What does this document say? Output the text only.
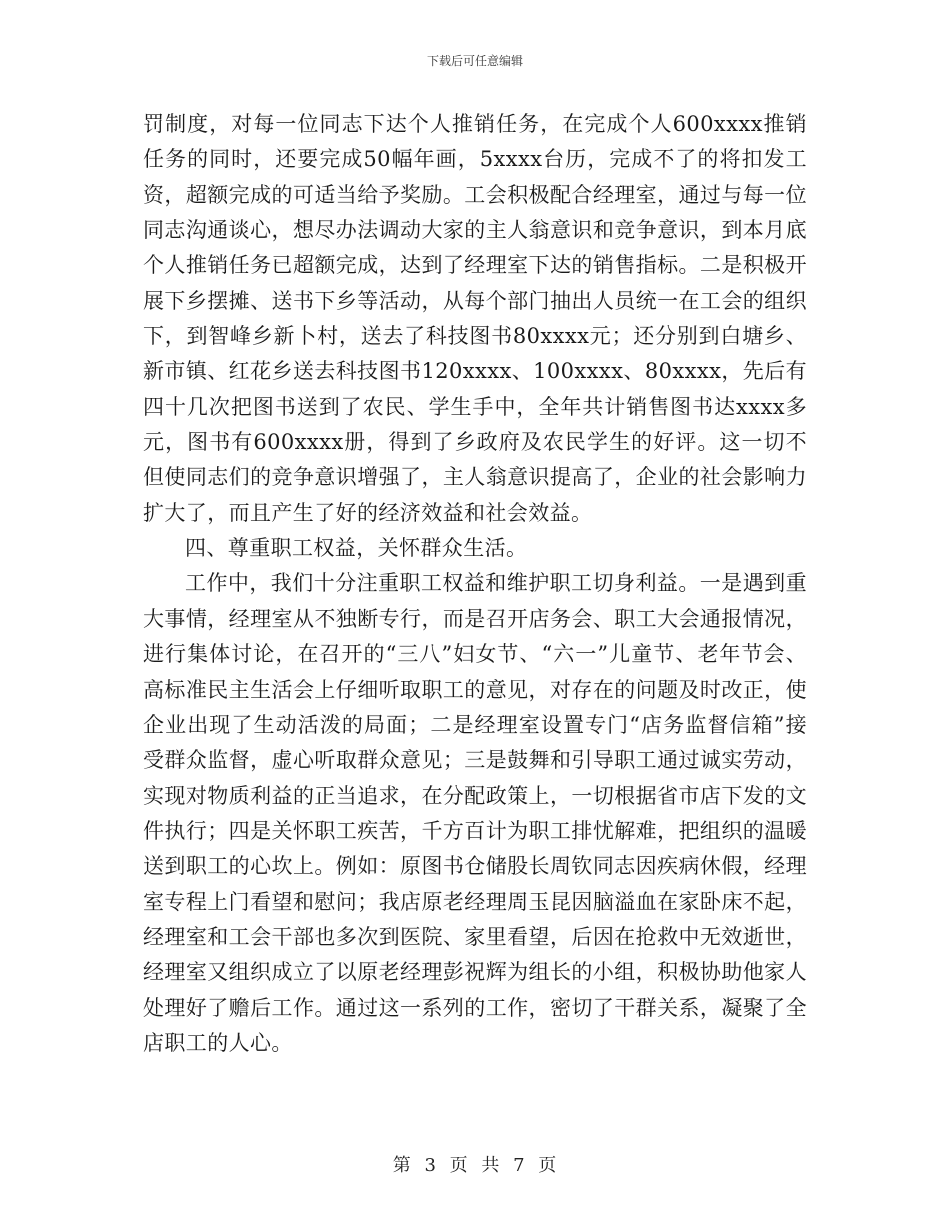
下载后可任意编辑

罚制度，对每一位同志下达个人推销任务，在完成个人600xxxx推销任务的同时，还要完成50幅年画，5xxxx台历，完成不了的将扣发工资，超额完成的可适当给予奖励。工会积极配合经理室，通过与每一位同志沟通谈心，想尽办法调动大家的主人翁意识和竞争意识，到本月底个人推销任务已超额完成，达到了经理室下达的销售指标。二是积极开展下乡摆摊、送书下乡等活动，从每个部门抽出人员统一在工会的组织下，到智峰乡新卜村，送去了科技图书80xxxx元；还分别到白塘乡、新市镇、红花乡送去科技图书120xxxx、100xxxx、80xxxx，先后有四十几次把图书送到了农民、学生手中，全年共计销售图书达xxxx多元，图书有600xxxx册，得到了乡政府及农民学生的好评。这一切不但使同志们的竞争意识增强了，主人翁意识提高了，企业的社会影响力扩大了，而且产生了好的经济效益和社会效益。

四、尊重职工权益，关怀群众生活。

工作中，我们十分注重职工权益和维护职工切身利益。一是遇到重大事情，经理室从不独断专行，而是召开店务会、职工大会通报情况，进行集体讨论，在召开的“三八”妇女节、“六一”儿童节、老年节会、高标准民主生活会上仔细听取职工的意见，对存在的问题及时改正，使企业出现了生动活泼的局面；二是经理室设置专门“店务监督信箱”接受群众监督，虚心听取群众意见；三是鼓舞和引导职工通过诚实劳动，实现对物质利益的正当追求，在分配政策上，一切根据省市店下发的文件执行；四是关怀职工疾苦，千方百计为职工排忧解难，把组织的温暖送到职工的心坎上。例如：原图书仓储股长周钦同志因疾病休假，经理室专程上门看望和慰问；我店原老经理周玉昆因脑溢血在家卧床不起，经理室和工会干部也多次到医院、家里看望，后因在抢救中无效逝世，经理室又组织成立了以原老经理彭祝辉为组长的小组，积极协助他家人处理好了赡后工作。通过这一系列的工作，密切了干群关系，凝聚了全店职工的人心。

第 3 页 共 7 页
